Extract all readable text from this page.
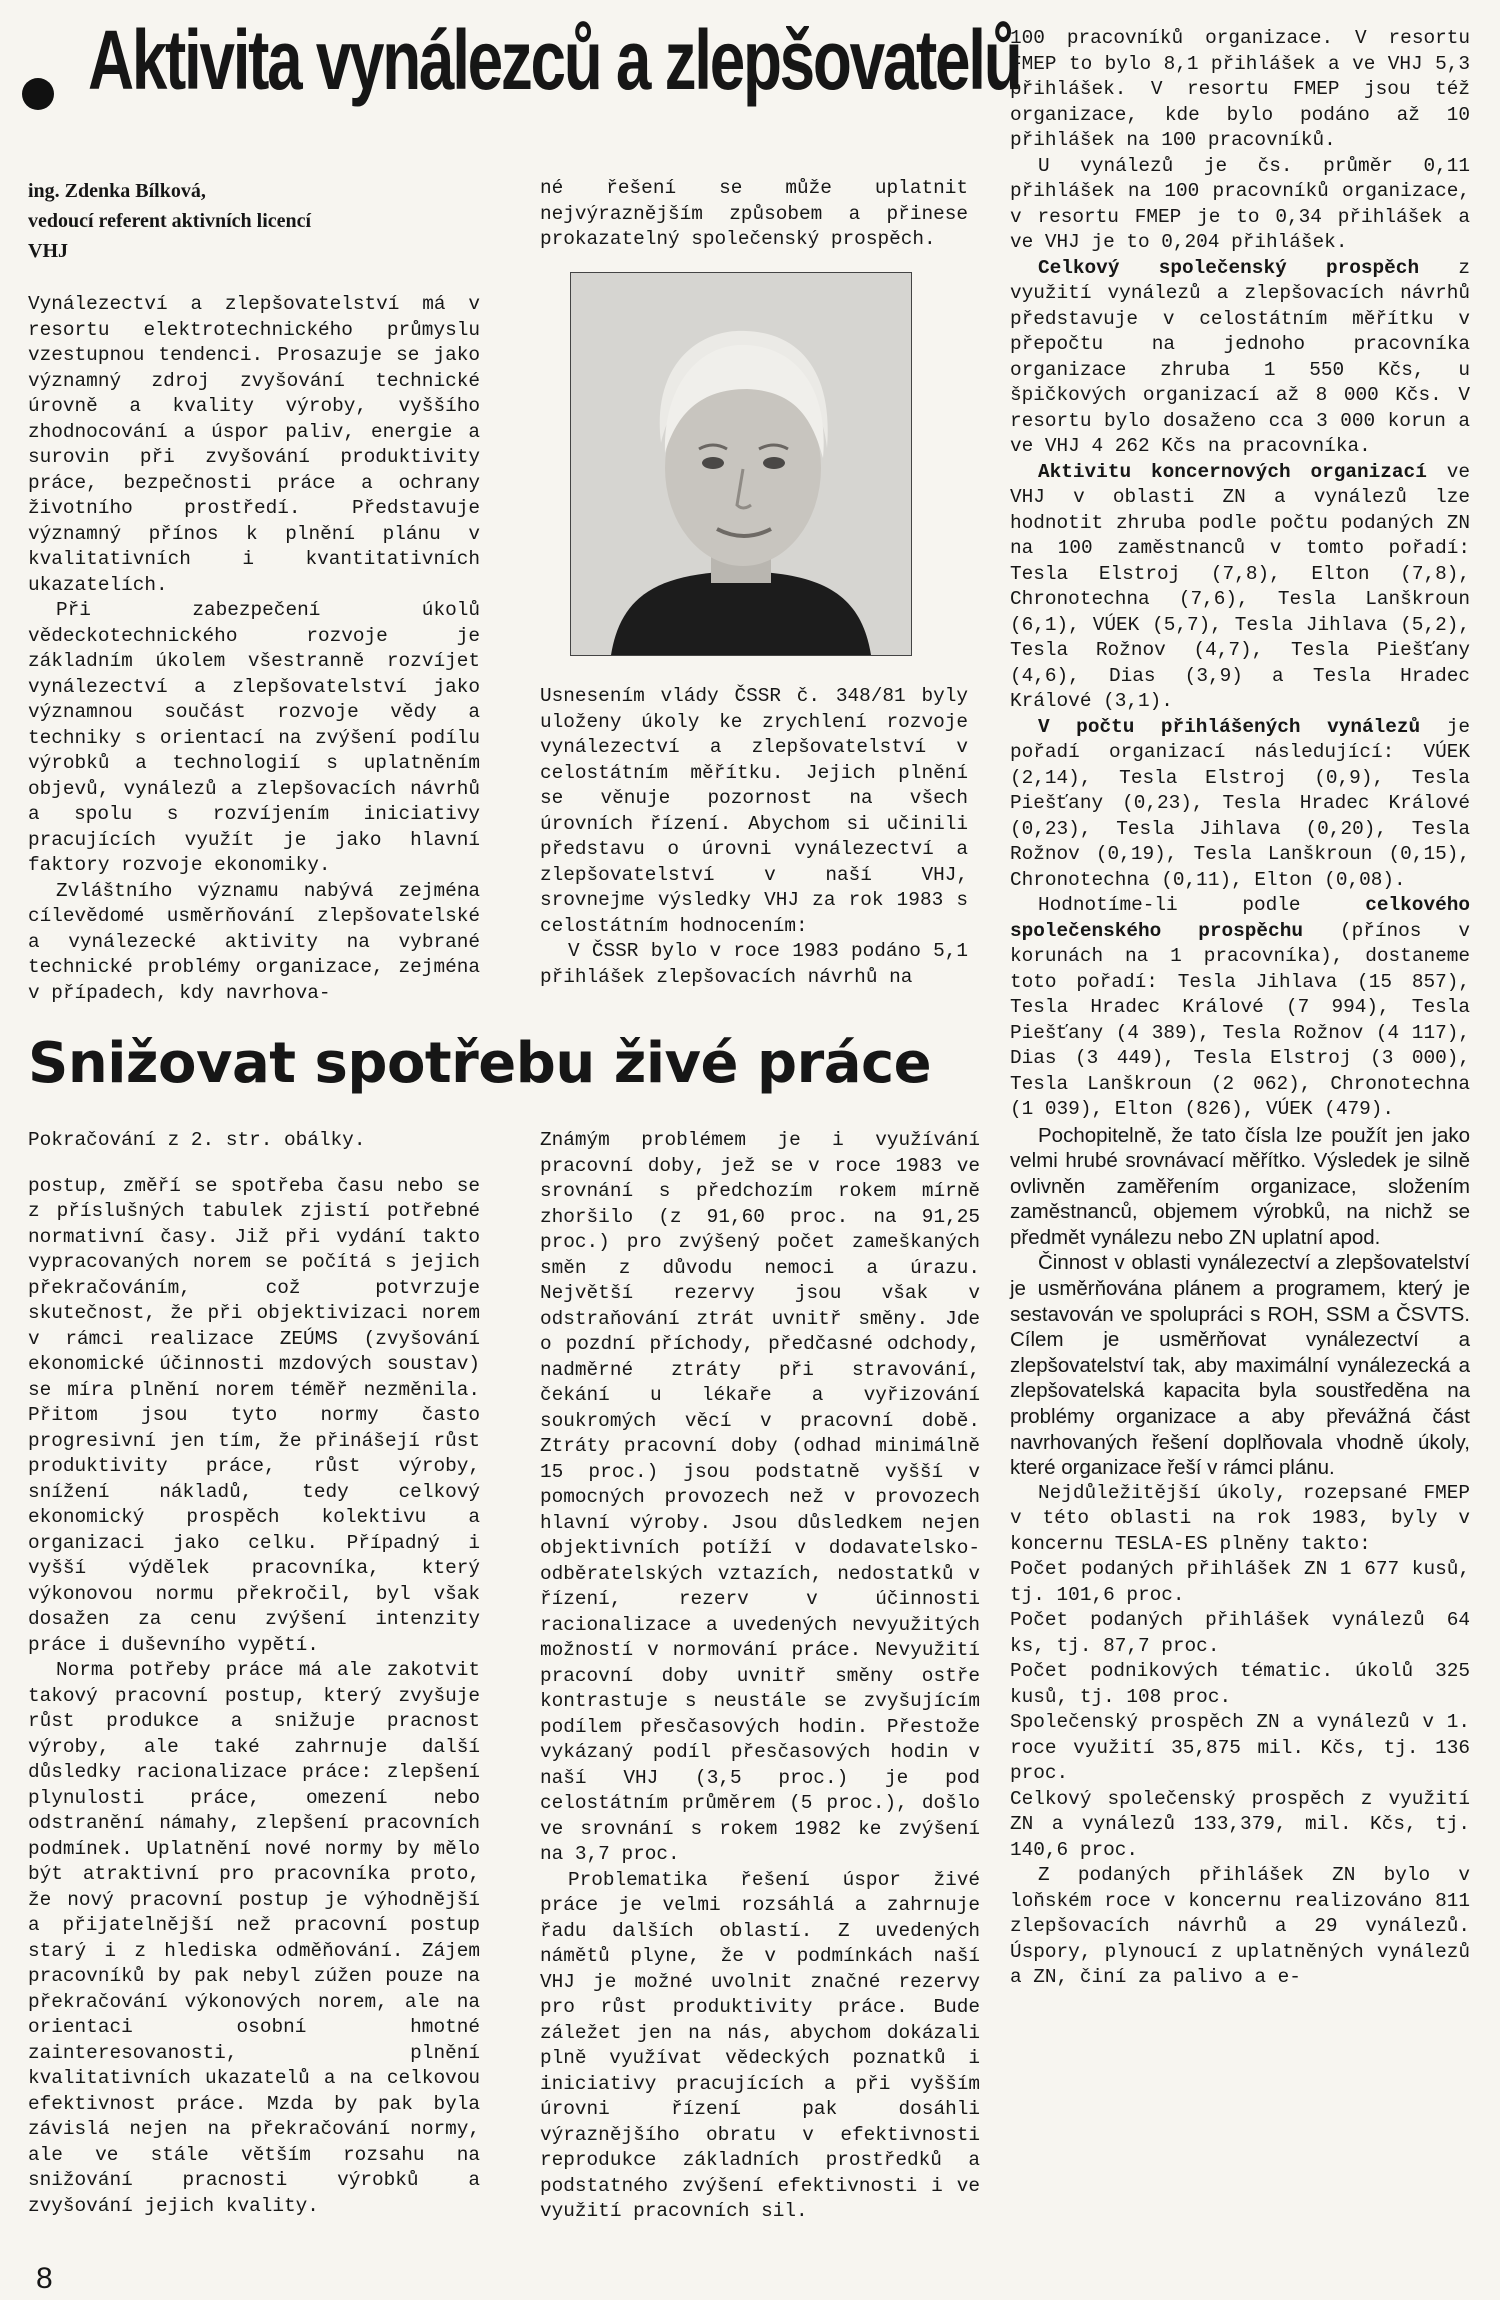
Aktivita vynálezců a zlepšovatelů

ing. Zdenka Bílková,
vedoucí referent aktivních licencí
VHJ

Vynálezectví a zlepšovatelství má v resortu elektrotechnického průmyslu vzestupnou tendenci. Prosazuje se jako významný zdroj zvyšování technické úrovně a kvality výroby, vyššího zhodnocování a úspor paliv, energie a surovin při zvyšování produktivity práce, bezpečnosti práce a ochrany životního prostředí. Představuje významný přínos k plnění plánu v kvalitativních i kvantitativních ukazatelích.

Při zabezpečení úkolů vědeckotechnického rozvoje je základním úkolem všestranně rozvíjet vynálezectví a zlepšovatelství jako významnou součást rozvoje vědy a techniky s orientací na zvýšení podílu výrobků a technologií s uplatněním objevů, vynálezů a zlepšovacích návrhů a spolu s rozvíjením iniciativy pracujících využít je jako hlavní faktory rozvoje ekonomiky.

Zvláštního významu nabývá zejména cílevědomé usměrňování zlepšovatelské a vynálezecké aktivity na vybrané technické problémy organizace, zejména v případech, kdy navrhova-

né řešení se může uplatnit nejvýraznějším způsobem a přinese prokazatelný společenský prospěch.

Usnesením vlády ČSSR č. 348/81 byly uloženy úkoly ke zrychlení rozvoje vynálezectví a zlepšovatelství v celostátním měřítku. Jejich plnění se věnuje pozornost na všech úrovních řízení. Abychom si učinili představu o úrovni vynálezectví a zlepšovatelství v naší VHJ, srovnejme výsledky VHJ za rok 1983 s celostátním hodnocením:

V ČSSR bylo v roce 1983 podáno 5,1 přihlášek zlepšovacích návrhů na

100 pracovníků organizace. V resortu FMEP to bylo 8,1 přihlášek a ve VHJ 5,3 přihlášek. V resortu FMEP jsou též organizace, kde bylo podáno až 10 přihlášek na 100 pracovníků.

U vynálezů je čs. průměr 0,11 přihlášek na 100 pracovníků organizace, v resortu FMEP je to 0,34 přihlášek a ve VHJ je to 0,204 přihlášek.

Celkový společenský prospěch z využití vynálezů a zlepšovacích návrhů představuje v celostátním měřítku v přepočtu na jednoho pracovníka organizace zhruba 1 550 Kčs, u špičkových organizací až 8 000 Kčs. V resortu bylo dosaženo cca 3 000 korun a ve VHJ 4 262 Kčs na pracovníka.

Aktivitu koncernových organizací ve VHJ v oblasti ZN a vynálezů lze hodnotit zhruba podle počtu podaných ZN na 100 zaměstnanců v tomto pořadí: Tesla Elstroj (7,8), Elton (7,8), Chronotechna (7,6), Tesla Lanškroun (6,1), VÚEK (5,7), Tesla Jihlava (5,2), Tesla Rožnov (4,7), Tesla Piešťany (4,6), Dias (3,9) a Tesla Hradec Králové (3,1).

V počtu přihlášených vynálezů je pořadí organizací následující: VÚEK (2,14), Tesla Elstroj (0,9), Tesla Piešťany (0,23), Tesla Hradec Králové (0,23), Tesla Jihlava (0,20), Tesla Rožnov (0,19), Tesla Lanškroun (0,15), Chronotechna (0,11), Elton (0,08).

Hodnotíme-li podle celkového společenského prospěchu (přínos v korunách na 1 pracovníka), dostaneme toto pořadí: Tesla Jihlava (15 857), Tesla Hradec Králové (7 994), Tesla Piešťany (4 389), Tesla Rožnov (4 117), Dias (3 449), Tesla Elstroj (3 000), Tesla Lanškroun (2 062), Chronotechna (1 039), Elton (826), VÚEK (479).

Pochopitelně, že tato čísla lze použít jen jako velmi hrubé srovnávací měřítko. Výsledek je silně ovlivněn zaměřením organizace, složením zaměstnanců, objemem výrobků, na nichž se předmět vynálezu nebo ZN uplatní apod.

Činnost v oblasti vynálezectví a zlepšovatelství je usměrňována plánem a programem, který je sestavován ve spolupráci s ROH, SSM a ČSVTS. Cílem je usměrňovat vynálezectví a zlepšovatelství tak, aby maximální vynálezecká a zlepšovatelská kapacita byla soustředěna na problémy organizace a aby převážná část navrhovaných řešení doplňovala vhodně úkoly, které organizace řeší v rámci plánu.

Nejdůležitější úkoly, rozepsané FMEP v této oblasti na rok 1983, byly v koncernu TESLA-ES plněny takto:

Počet podaných přihlášek ZN 1 677 kusů, tj. 101,6 proc.

Počet podaných přihlášek vynálezů 64 ks, tj. 87,7 proc.

Počet podnikových tématic. úkolů 325 kusů, tj. 108 proc.

Společenský prospěch ZN a vynálezů v 1. roce využití 35,875 mil. Kčs, tj. 136 proc.

Celkový společenský prospěch z využití ZN a vynálezů 133,379, mil. Kčs, tj. 140,6 proc.

Z podaných přihlášek ZN bylo v loňském roce v koncernu realizováno 811 zlepšovacích návrhů a 29 vynálezů. Úspory, plynoucí z uplatněných vynálezů a ZN, činí za palivo a e-

Snižovat spotřebu živé práce

Pokračování z 2. str. obálky.

postup, změří se spotřeba času nebo se z příslušných tabulek zjistí potřebné normativní časy. Již při vydání takto vypracovaných norem se počítá s jejich překračováním, což potvrzuje skutečnost, že při objektivizaci norem v rámci realizace ZEÚMS (zvyšování ekonomické účinnosti mzdových soustav) se míra plnění norem téměř nezměnila. Přitom jsou tyto normy často progresivní jen tím, že přinášejí růst produktivity práce, růst výroby, snížení nákladů, tedy celkový ekonomický prospěch kolektivu a organizaci jako celku. Případný i vyšší výdělek pracovníka, který výkonovou normu překročil, byl však dosažen za cenu zvýšení intenzity práce i duševního vypětí.

Norma potřeby práce má ale zakotvit takový pracovní postup, který zvyšuje růst produkce a snižuje pracnost výroby, ale také zahrnuje další důsledky racionalizace práce: zlepšení plynulosti práce, omezení nebo odstranění námahy, zlepšení pracovních podmínek. Uplatnění nové normy by mělo být atraktivní pro pracovníka proto, že nový pracovní postup je výhodnější a přijatelnější než pracovní postup starý i z hlediska odměňování. Zájem pracovníků by pak nebyl zúžen pouze na překračování výkonových norem, ale na orientaci osobní hmotné zainteresovanosti, plnění kvalitativních ukazatelů a na celkovou efektivnost práce. Mzda by pak byla závislá nejen na překračování normy, ale ve stále větším rozsahu na snižování pracnosti výrobků a zvyšování jejich kvality.

Známým problémem je i využívání pracovní doby, jež se v roce 1983 ve srovnání s předchozím rokem mírně zhoršilo (z 91,60 proc. na 91,25 proc.) pro zvýšený počet zameškaných směn z důvodu nemoci a úrazu. Největší rezervy jsou však v odstraňování ztrát uvnitř směny. Jde o pozdní příchody, předčasné odchody, nadměrné ztráty při stravování, čekání u lékaře a vyřizování soukromých věcí v pracovní době. Ztráty pracovní doby (odhad minimálně 15 proc.) jsou podstatně vyšší v pomocných provozech než v provozech hlavní výroby. Jsou důsledkem nejen objektivních potíží v dodavatelsko-odběratelských vztazích, nedostatků v řízení, rezerv v účinnosti racionalizace a uvedených nevyužitých možností v normování práce. Nevyužití pracovní doby uvnitř směny ostře kontrastuje s neustále se zvyšujícím podílem přesčasových hodin. Přestože vykázaný podíl přesčasových hodin v naší VHJ (3,5 proc.) je pod celostátním průměrem (5 proc.), došlo ve srovnání s rokem 1982 ke zvýšení na 3,7 proc.

Problematika řešení úspor živé práce je velmi rozsáhlá a zahrnuje řadu dalších oblastí. Z uvedených námětů plyne, že v podmínkách naší VHJ je možné uvolnit značné rezervy pro růst produktivity práce. Bude záležet jen na nás, abychom dokázali plně využívat vědeckých poznatků i iniciativy pracujících a při vyšším úrovni řízení pak dosáhli výraznějšího obratu v efektivnosti reprodukce základních prostředků a podstatného zvýšení efektivnosti i ve využití pracovních sil.

8
